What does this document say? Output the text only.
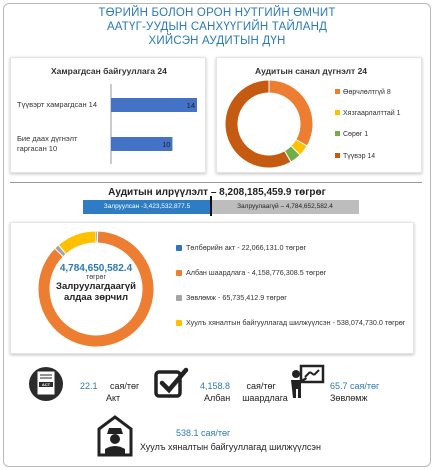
ТӨРИЙН БОЛОН ОРОН НУТГИЙН ӨМЧИТ
ААТҮГ-УУДЫН САНХҮҮГИЙН ТАЙЛАНД
ХИЙСЭН АУДИТЫН ДҮН
Хамрагдсан байгууллага 24
14
Түүвэрт хамрагдсан 14
10
Бие даах дүгнэлт
гаргасан 10
Аудитын санал дүгнэлт 24
Өөрчлөлтгүй 8
Хязгаарлалттай 1
Сөрөг 1
Түүвэр 14
Аудитын илрүүлэлт – 8,208,185,459.9 төгрөг
Залруулсан -3,423,532,877.5	Залруулаагүй – 4,784,652,582.4
4,784,650,582.4
төгрөг
Залруулагдаагүй
алдаа зөрчил
Төлбөрийн акт - 22,066,131.0 төгрөг
Албан шаардлага - 4,158,776,308.5 төгрөг
Зөвлөмж - 65,735,412.9 төгрөг
Хуулъ хяналтын байгууллагад шилжүүлсэн - 538,074,730.0 төгрөг
ACT	22.1 сая/төг
Акт
4,158.8 сая/төг
Албан шаардлага
65.7 сая/төг
Зөвлөмж
538.1 сая/төг
Хуулъ хяналтын байгууллагад шилжүүлсэн
